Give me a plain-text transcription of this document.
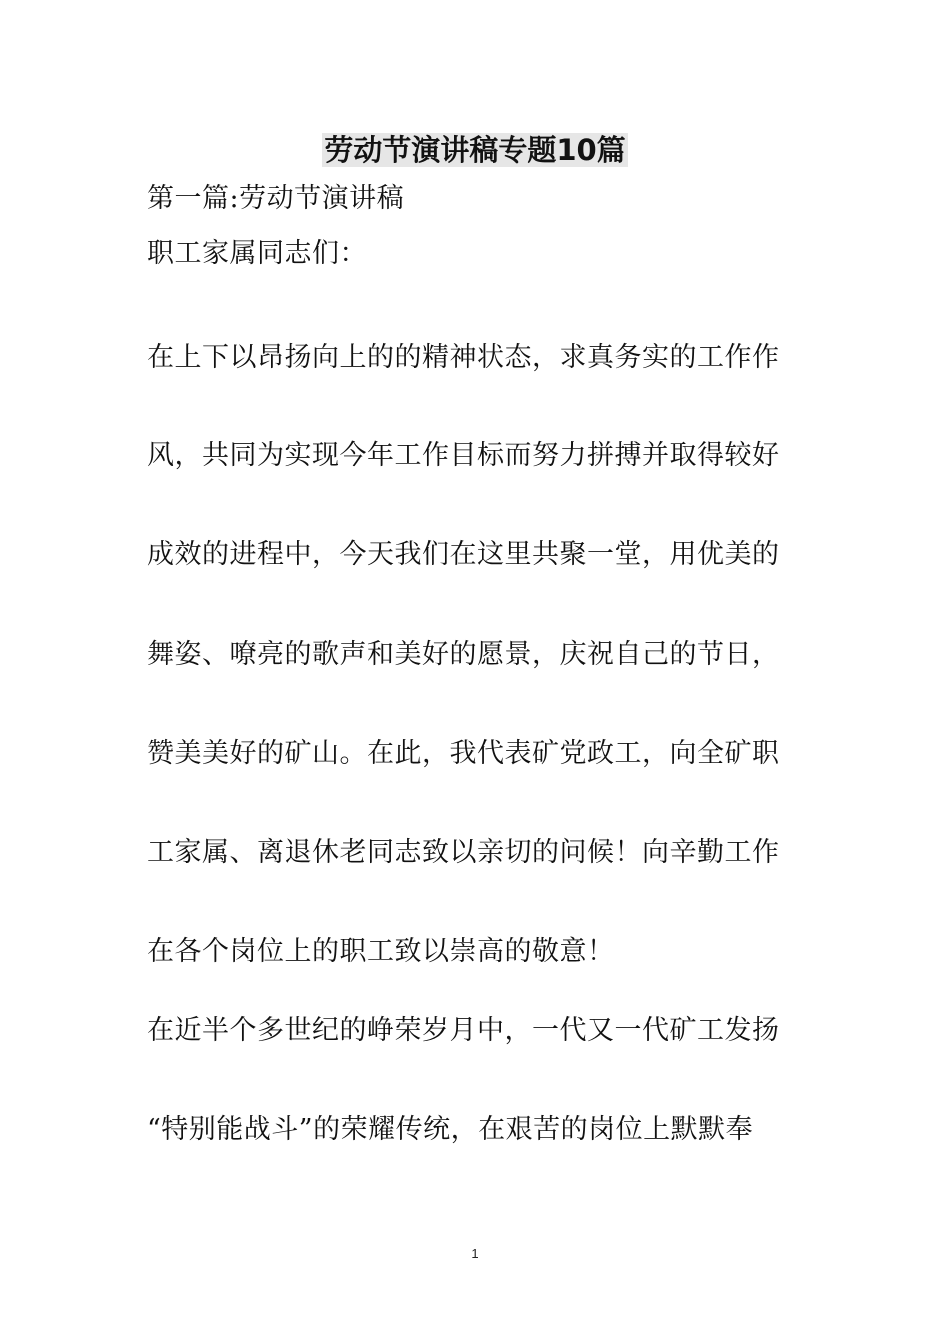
劳动节演讲稿专题10篇
第一篇:劳动节演讲稿
职工家属同志们：
在上下以昂扬向上的的精神状态，求真务实的工作作
风，共同为实现今年工作目标而努力拼搏并取得较好
成效的进程中，今天我们在这里共聚一堂，用优美的
舞姿、嘹亮的歌声和美好的愿景，庆祝自己的节日，
赞美美好的矿山。在此，我代表矿党政工，向全矿职
工家属、离退休老同志致以亲切的问候！向辛勤工作
在各个岗位上的职工致以崇高的敬意！
在近半个多世纪的峥荣岁月中，一代又一代矿工发扬
“特别能战斗”的荣耀传统，在艰苦的岗位上默默奉
1
